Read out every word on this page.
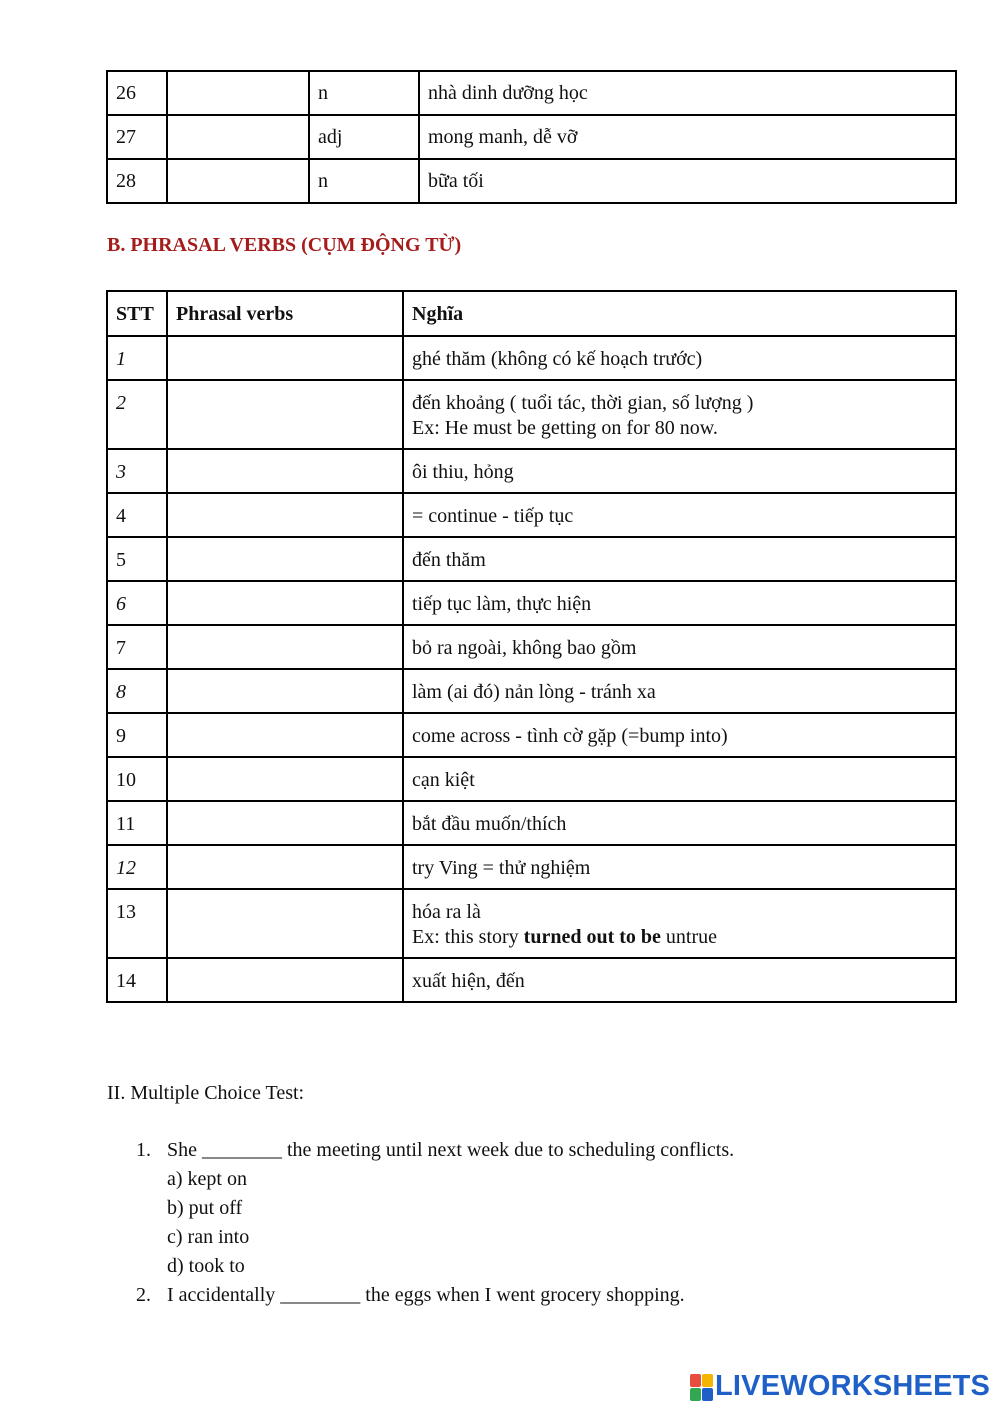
26		n	nhà dinh dưỡng học
27		adj	mong manh, dễ vỡ
28		n	bữa tối
B. PHRASAL VERBS (CỤM ĐỘNG TỪ)
STT	Phrasal verbs	Nghĩa
1		ghé thăm (không có kế hoạch trước)
2		đến khoảng ( tuổi tác, thời gian, số lượng )
Ex: He must be getting on for 80 now.

3		ôi thiu, hỏng
4		= continue - tiếp tục
5		đến thăm
6		tiếp tục làm, thực hiện
7		bỏ ra ngoài, không bao gồm
8		làm (ai đó) nản lòng - tránh xa
9		come across - tình cờ gặp (=bump into)
10		cạn kiệt
11		bắt đầu muốn/thích
12		try Ving = thử nghiệm
13		hóa ra là
Ex: this story turned out to be untrue

14		xuất hiện, đến
II. Multiple Choice Test:
1. She ________ the meeting until next week due to scheduling conflicts.
a) kept on
b) put off
c) ran into
d) took to
2. I accidentally ________ the eggs when I went grocery shopping.
LIVEWORKSHEETS
